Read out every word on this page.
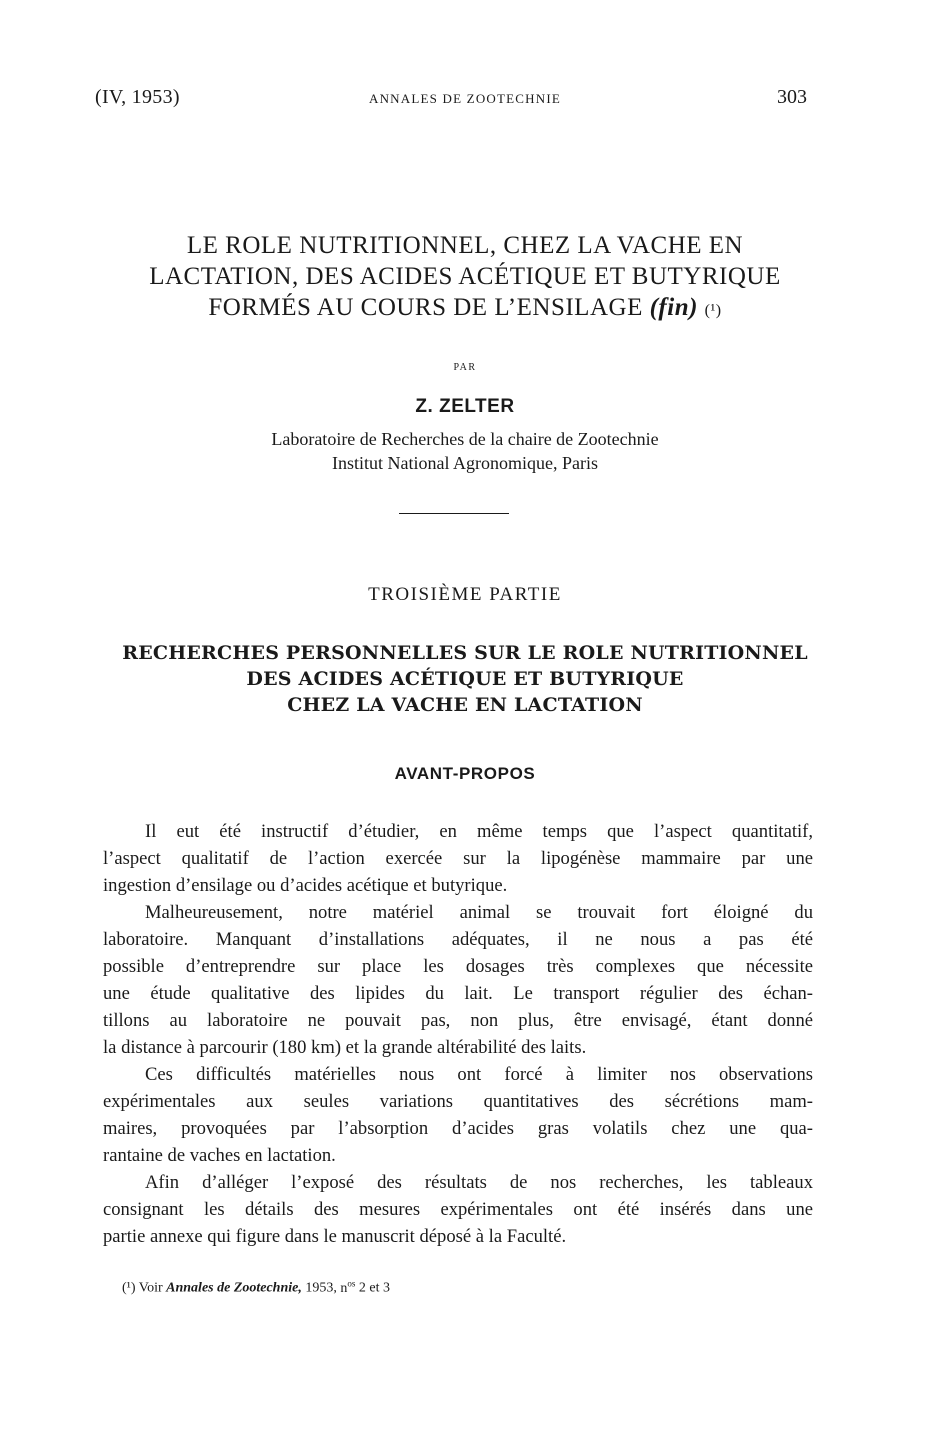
(IV, 1953)	ANNALES DE ZOOTECHNIE	303
LE ROLE NUTRITIONNEL, CHEZ LA VACHE EN
LACTATION, DES ACIDES ACÉTIQUE ET BUTYRIQUE
FORMÉS AU COURS DE L’ENSILAGE (fin) (¹)
PAR
Z. ZELTER
Laboratoire de Recherches de la chaire de Zootechnie
Institut National Agronomique, Paris
TROISIÈME PARTIE
RECHERCHES PERSONNELLES SUR LE ROLE NUTRITIONNEL
DES ACIDES ACÉTIQUE ET BUTYRIQUE
CHEZ LA VACHE EN LACTATION
AVANT-PROPOS
Il eut été instructif d’étudier, en même temps que l’aspect quantitatif,
l’aspect qualitatif de l’action exercée sur la lipogénèse mammaire par une
ingestion d’ensilage ou d’acides acétique et butyrique.
Malheureusement, notre matériel animal se trouvait fort éloigné du
laboratoire. Manquant d’installations adéquates, il ne nous a pas été
possible d’entreprendre sur place les dosages très complexes que nécessite
une étude qualitative des lipides du lait. Le transport régulier des échan-
tillons au laboratoire ne pouvait pas, non plus, être envisagé, étant donné
la distance à parcourir (180 km) et la grande altérabilité des laits.
Ces difficultés matérielles nous ont forcé à limiter nos observations
expérimentales aux seules variations quantitatives des sécrétions mam-
maires, provoquées par l’absorption d’acides gras volatils chez une qua-
rantaine de vaches en lactation.
Afin d’alléger l’exposé des résultats de nos recherches, les tableaux
consignant les détails des mesures expérimentales ont été insérés dans une
partie annexe qui figure dans le manuscrit déposé à la Faculté.
(¹) Voir Annales de Zootechnie, 1953, $n^{os}$ 2 et 3
